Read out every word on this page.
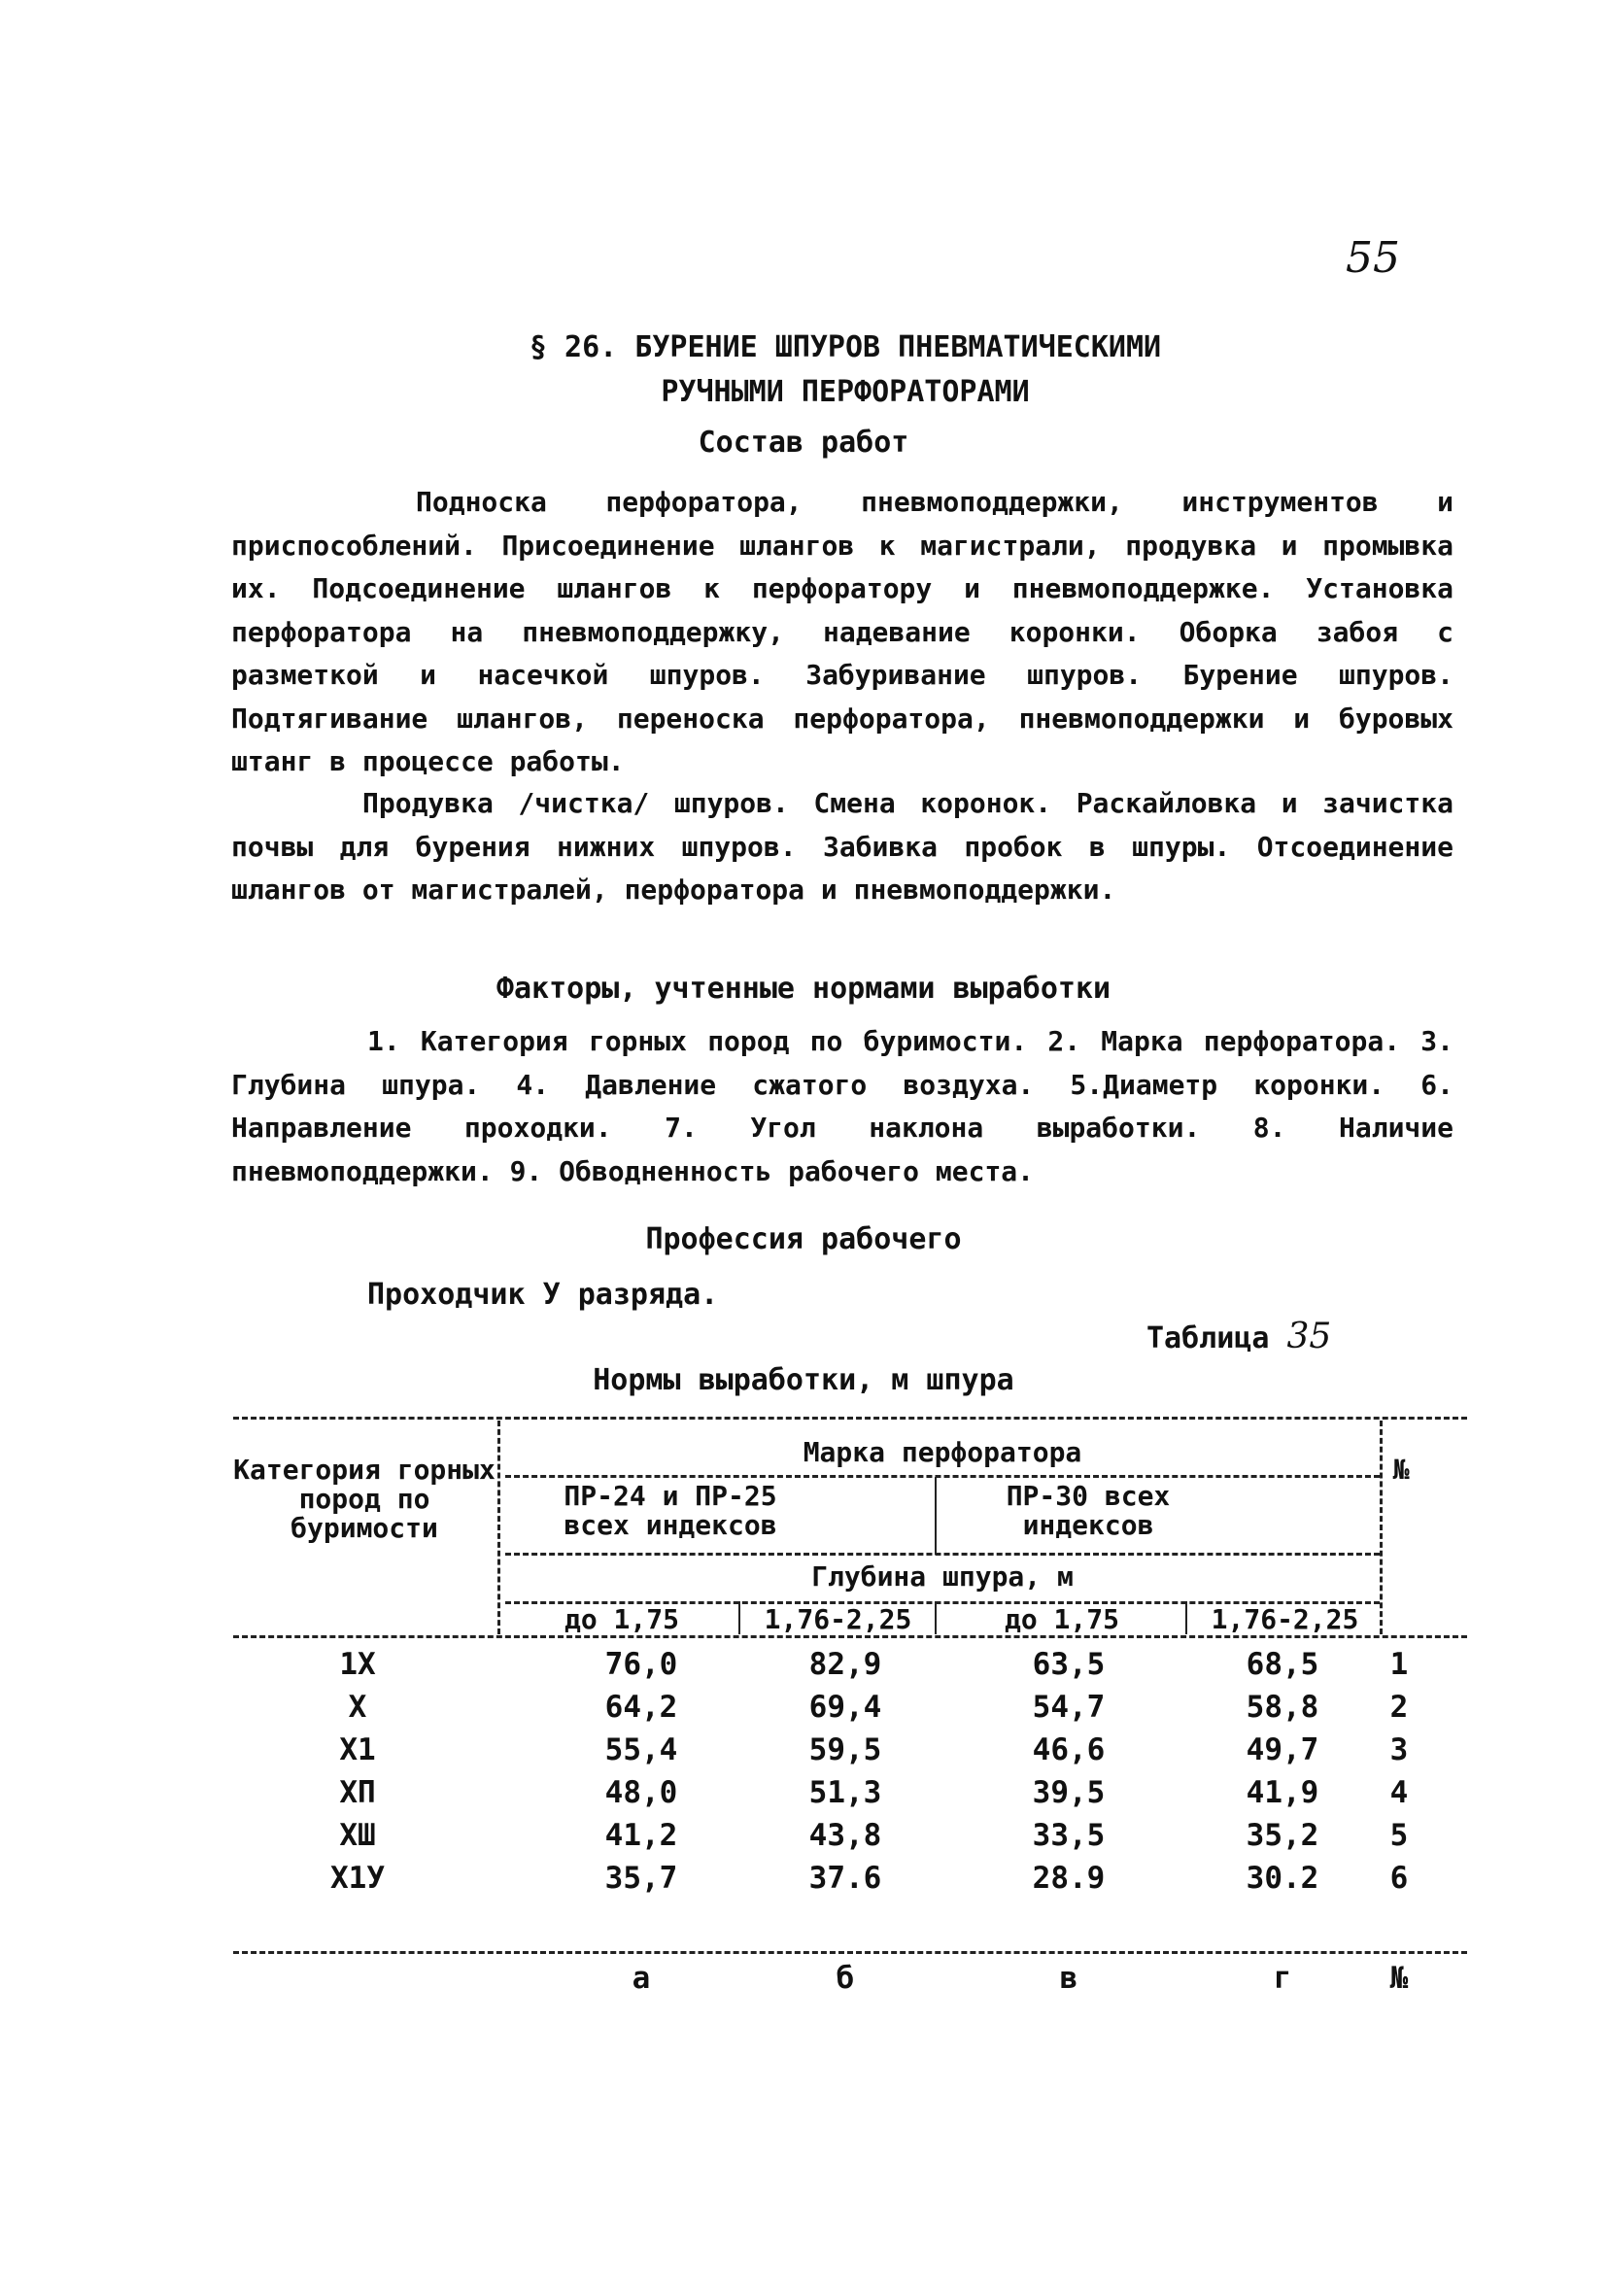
55
§ 26. БУРЕНИЕ ШПУРОВ ПНЕВМАТИЧЕСКИМИ
РУЧНЫМИ ПЕРФОРАТОРАМИ
Состав работ
Подноска перфоратора, пневмоподдержки, инструментов и приспособлений. Присоединение шлангов к магистрали, продувка и промывка их. Подсоединение шлангов к перфоратору и пневмоподдержке. Установка перфоратора на пневмоподдержку, надевание коронки. Оборка забоя с разметкой и насечкой шпуров. Забуривание шпуров. Бурение шпуров. Подтягивание шлангов, переноска перфоратора, пневмоподдержки и буровых штанг в процессе работы.
Продувка /чистка/ шпуров. Смена коронок. Раскайловка и зачистка почвы для бурения нижних шпуров. Забивка пробок в шпуры. Отсоединение шлангов от магистралей, перфоратора и пневмоподдержки.
Факторы, учтенные нормами выработки
1. Категория горных пород по буримости. 2. Марка перфоратора. 3. Глубина шпура. 4. Давление сжатого воздуха. 5.Диаметр коронки. 6. Направление проходки. 7. Угол наклона выработки. 8. Наличие пневмоподдержки. 9. Обводненность рабочего места.
Профессия рабочего
Проходчик У разряда.
Таблица 35
Нормы выработки, м шпура
Категория горных пород по буримости
Марка перфоратора
ПР-24 и ПР-25 всех индексов
ПР-30 всех индексов
Глубина шпура, м
до 1,75	1,76-2,25	до 1,75	1,76-2,25
№
1Х	76,0	82,9	63,5	68,5	1
Х	64,2	69,4	54,7	58,8	2
Х1	55,4	59,5	46,6	49,7	3
ХП	48,0	51,3	39,5	41,9	4
ХШ	41,2	43,8	33,5	35,2	5
Х1У	35,7	37.6	28.9	30.2	6
а	б	в	г	№
